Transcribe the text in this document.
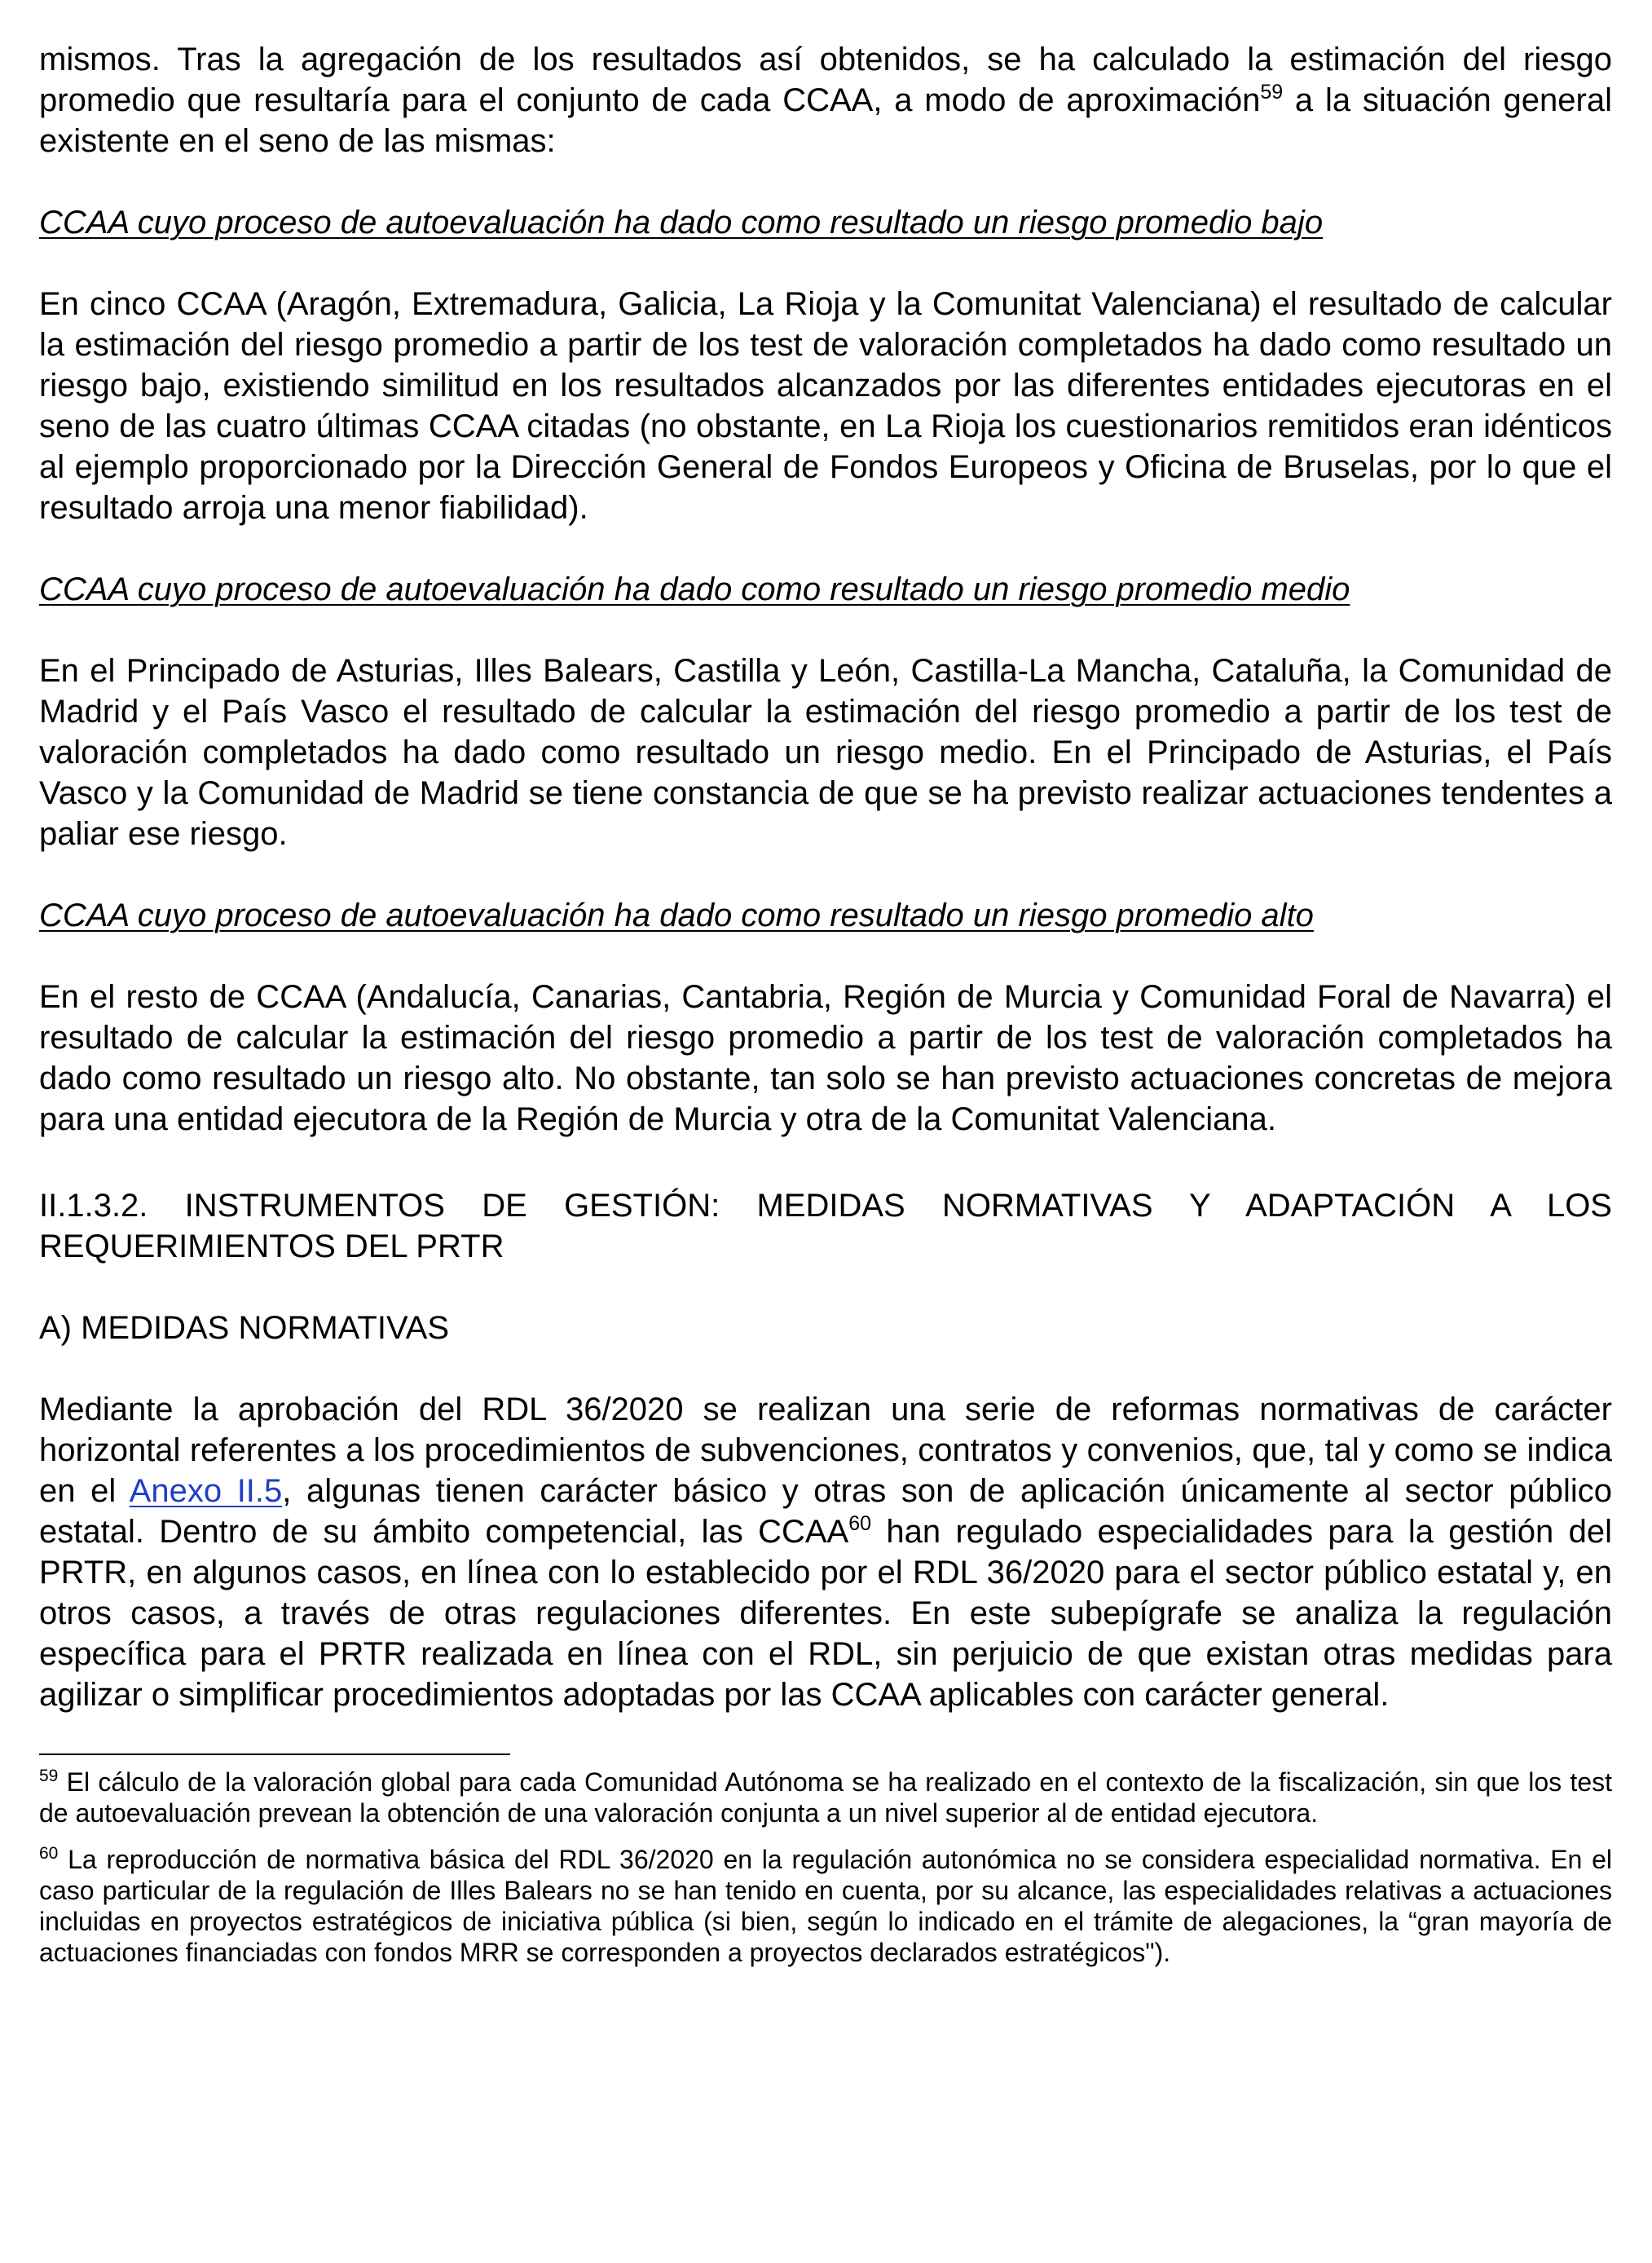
mismos. Tras la agregación de los resultados así obtenidos, se ha calculado la estimación del riesgo promedio que resultaría para el conjunto de cada CCAA, a modo de aproximación$^{59}$ a la situación general existente en el seno de las mismas:

CCAA cuyo proceso de autoevaluación ha dado como resultado un riesgo promedio bajo

En cinco CCAA (Aragón, Extremadura, Galicia, La Rioja y la Comunitat Valenciana) el resultado de calcular la estimación del riesgo promedio a partir de los test de valoración completados ha dado como resultado un riesgo bajo, existiendo similitud en los resultados alcanzados por las diferentes entidades ejecutoras en el seno de las cuatro últimas CCAA citadas (no obstante, en La Rioja los cuestionarios remitidos eran idénticos al ejemplo proporcionado por la Dirección General de Fondos Europeos y Oficina de Bruselas, por lo que el resultado arroja una menor fiabilidad).

CCAA cuyo proceso de autoevaluación ha dado como resultado un riesgo promedio medio

En el Principado de Asturias, Illes Balears, Castilla y León, Castilla-La Mancha, Cataluña, la Comunidad de Madrid y el País Vasco el resultado de calcular la estimación del riesgo promedio a partir de los test de valoración completados ha dado como resultado un riesgo medio. En el Principado de Asturias, el País Vasco y la Comunidad de Madrid se tiene constancia de que se ha previsto realizar actuaciones tendentes a paliar ese riesgo.

CCAA cuyo proceso de autoevaluación ha dado como resultado un riesgo promedio alto

En el resto de CCAA (Andalucía, Canarias, Cantabria, Región de Murcia y Comunidad Foral de Navarra) el resultado de calcular la estimación del riesgo promedio a partir de los test de valoración completados ha dado como resultado un riesgo alto. No obstante, tan solo se han previsto actuaciones concretas de mejora para una entidad ejecutora de la Región de Murcia y otra de la Comunitat Valenciana.

II.1.3.2. INSTRUMENTOS DE GESTIÓN: MEDIDAS NORMATIVAS Y ADAPTACIÓN A LOS REQUERIMIENTOS DEL PRTR

A) MEDIDAS NORMATIVAS

Mediante la aprobación del RDL 36/2020 se realizan una serie de reformas normativas de carácter horizontal referentes a los procedimientos de subvenciones, contratos y convenios, que, tal y como se indica en el Anexo II.5, algunas tienen carácter básico y otras son de aplicación únicamente al sector público estatal. Dentro de su ámbito competencial, las CCAA$^{60}$ han regulado especialidades para la gestión del PRTR, en algunos casos, en línea con lo establecido por el RDL 36/2020 para el sector público estatal y, en otros casos, a través de otras regulaciones diferentes. En este subepígrafe se analiza la regulación específica para el PRTR realizada en línea con el RDL, sin perjuicio de que existan otras medidas para agilizar o simplificar procedimientos adoptadas por las CCAA aplicables con carácter general.

$^{59}$ El cálculo de la valoración global para cada Comunidad Autónoma se ha realizado en el contexto de la fiscalización, sin que los test de autoevaluación prevean la obtención de una valoración conjunta a un nivel superior al de entidad ejecutora.

$^{60}$ La reproducción de normativa básica del RDL 36/2020 en la regulación autonómica no se considera especialidad normativa. En el caso particular de la regulación de Illes Balears no se han tenido en cuenta, por su alcance, las especialidades relativas a actuaciones incluidas en proyectos estratégicos de iniciativa pública (si bien, según lo indicado en el trámite de alegaciones, la “gran mayoría de actuaciones financiadas con fondos MRR se corresponden a proyectos declarados estratégicos").
